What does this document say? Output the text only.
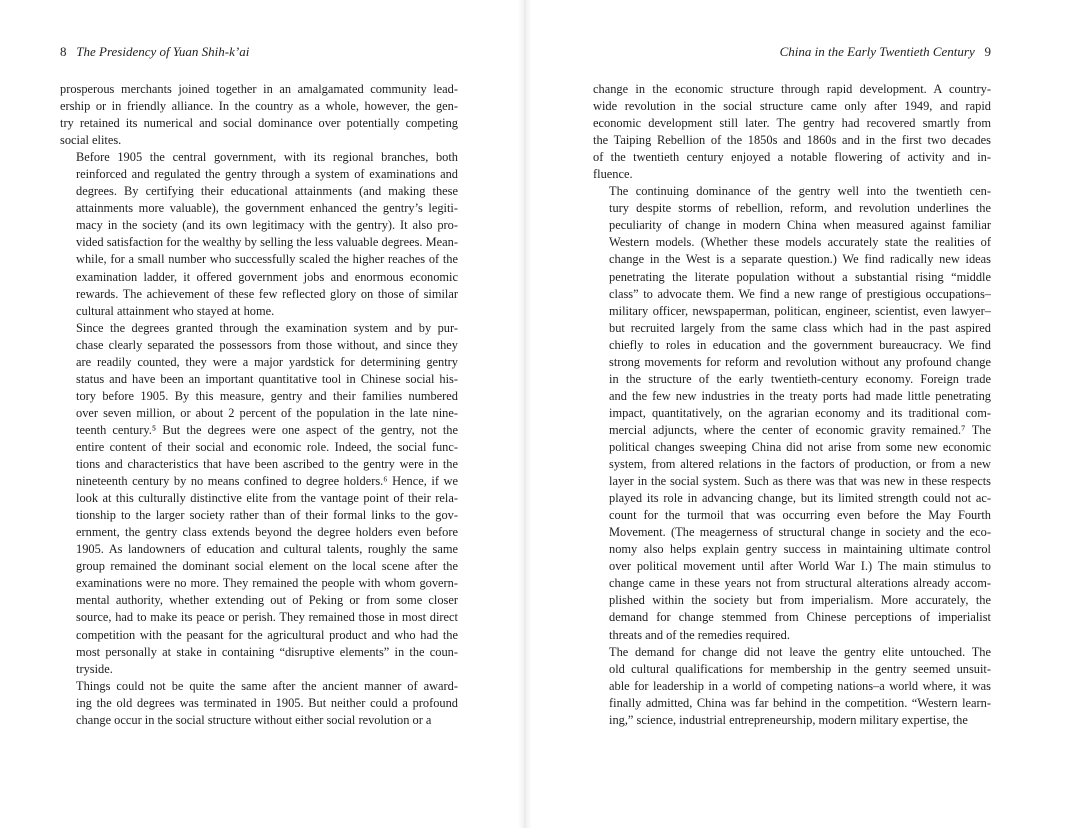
8 The Presidency of Yuan Shih-k’ai

prosperous merchants joined together in an amalgamated community lead-
ership or in friendly alliance. In the country as a whole, however, the gen-
try retained its numerical and social dominance over potentially competing
social elites.

Before 1905 the central government, with its regional branches, both
reinforced and regulated the gentry through a system of examinations and
degrees. By certifying their educational attainments (and making these
attainments more valuable), the government enhanced the gentry’s legiti-
macy in the society (and its own legitimacy with the gentry). It also pro-
vided satisfaction for the wealthy by selling the less valuable degrees. Mean-
while, for a small number who successfully scaled the higher reaches of the
examination ladder, it offered government jobs and enormous economic
rewards. The achievement of these few reflected glory on those of similar
cultural attainment who stayed at home.

Since the degrees granted through the examination system and by pur-
chase clearly separated the possessors from those without, and since they
are readily counted, they were a major yardstick for determining gentry
status and have been an important quantitative tool in Chinese social his-
tory before 1905. By this measure, gentry and their families numbered
over seven million, or about 2 percent of the population in the late nine-
teenth century.⁵ But the degrees were one aspect of the gentry, not the
entire content of their social and economic role. Indeed, the social func-
tions and characteristics that have been ascribed to the gentry were in the
nineteenth century by no means confined to degree holders.⁶ Hence, if we
look at this culturally distinctive elite from the vantage point of their rela-
tionship to the larger society rather than of their formal links to the gov-
ernment, the gentry class extends beyond the degree holders even before
1905. As landowners of education and cultural talents, roughly the same
group remained the dominant social element on the local scene after the
examinations were no more. They remained the people with whom govern-
mental authority, whether extending out of Peking or from some closer
source, had to make its peace or perish. They remained those in most direct
competition with the peasant for the agricultural product and who had the
most personally at stake in containing “disruptive elements” in the coun-
tryside.

Things could not be quite the same after the ancient manner of award-
ing the old degrees was terminated in 1905. But neither could a profound
change occur in the social structure without either social revolution or a

China in the Early Twentieth Century 9

change in the economic structure through rapid development. A country-
wide revolution in the social structure came only after 1949, and rapid
economic development still later. The gentry had recovered smartly from
the Taiping Rebellion of the 1850s and 1860s and in the first two decades
of the twentieth century enjoyed a notable flowering of activity and in-
fluence.

The continuing dominance of the gentry well into the twentieth cen-
tury despite storms of rebellion, reform, and revolution underlines the
peculiarity of change in modern China when measured against familiar
Western models. (Whether these models accurately state the realities of
change in the West is a separate question.) We find radically new ideas
penetrating the literate population without a substantial rising “middle
class” to advocate them. We find a new range of prestigious occupations–
military officer, newspaperman, politican, engineer, scientist, even lawyer–
but recruited largely from the same class which had in the past aspired
chiefly to roles in education and the government bureaucracy. We find
strong movements for reform and revolution without any profound change
in the structure of the early twentieth-century economy. Foreign trade
and the few new industries in the treaty ports had made little penetrating
impact, quantitatively, on the agrarian economy and its traditional com-
mercial adjuncts, where the center of economic gravity remained.⁷ The
political changes sweeping China did not arise from some new economic
system, from altered relations in the factors of production, or from a new
layer in the social system. Such as there was that was new in these respects
played its role in advancing change, but its limited strength could not ac-
count for the turmoil that was occurring even before the May Fourth
Movement. (The meagerness of structural change in society and the eco-
nomy also helps explain gentry success in maintaining ultimate control
over political movement until after World War I.) The main stimulus to
change came in these years not from structural alterations already accom-
plished within the society but from imperialism. More accurately, the
demand for change stemmed from Chinese perceptions of imperialist
threats and of the remedies required.

The demand for change did not leave the gentry elite untouched. The
old cultural qualifications for membership in the gentry seemed unsuit-
able for leadership in a world of competing nations–a world where, it was
finally admitted, China was far behind in the competition. “Western learn-
ing,” science, industrial entrepreneurship, modern military expertise, the
